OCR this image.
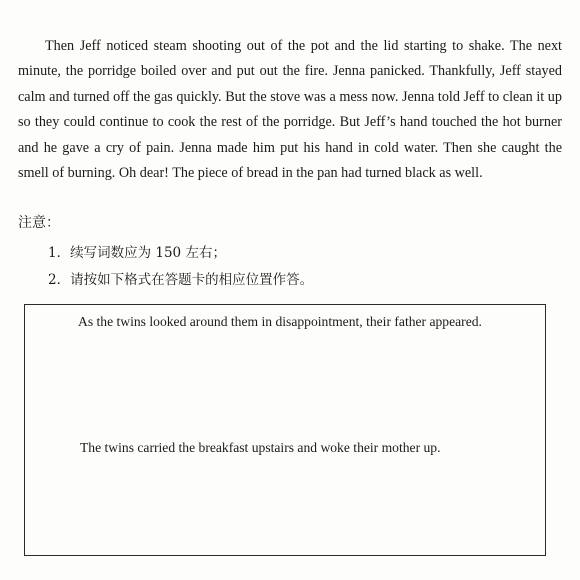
Then Jeff noticed steam shooting out of the pot and the lid starting to shake. The next minute, the porridge boiled over and put out the fire. Jenna panicked. Thankfully, Jeff stayed calm and turned off the gas quickly. But the stove was a mess now. Jenna told Jeff to clean it up so they could continue to cook the rest of the porridge. But Jeff’s hand touched the hot burner and he gave a cry of pain. Jenna made him put his hand in cold water. Then she caught the smell of burning. Oh dear! The piece of bread in the pan had turned black as well.

注意：

1．续写词数应为 150 左右；
2．请按如下格式在答题卡的相应位置作答。

As the twins looked around them in disappointment, their father appeared.

The twins carried the breakfast upstairs and woke their mother up.
